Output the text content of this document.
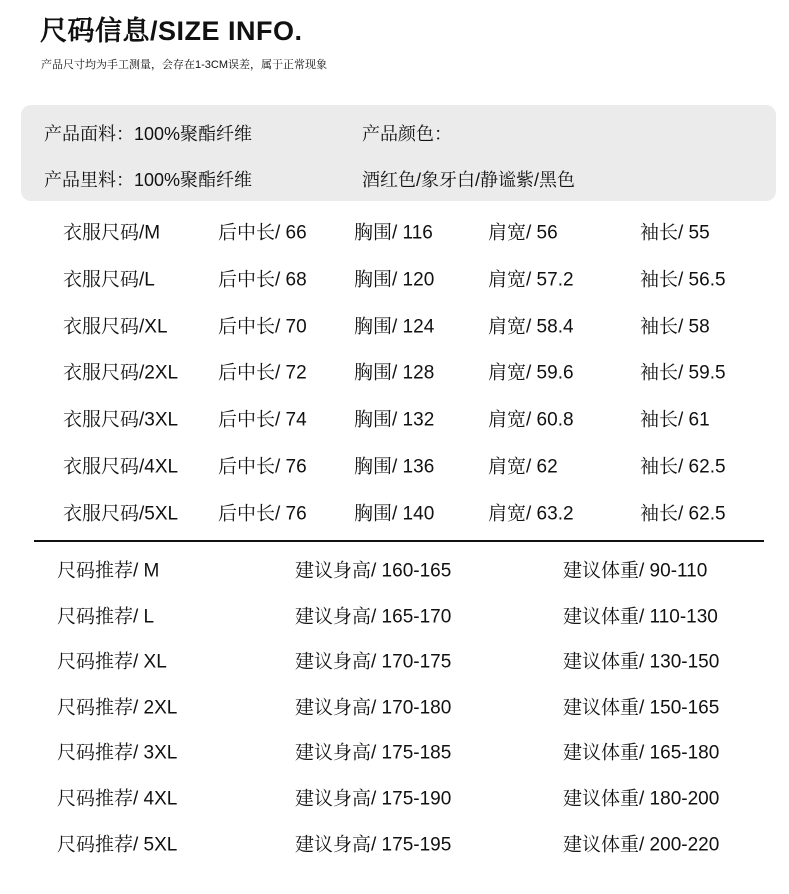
尺码信息/SIZE INFO.
产品尺寸均为手工测量，会存在1-3CM误差，属于正常现象
产品面料：100%聚酯纤维
产品里料：100%聚酯纤维
产品颜色：
酒红色/象牙白/静谧紫/黑色
衣服尺码/M	后中长/ 66 胸围/ 116	肩宽/ 56	袖长/ 55
衣服尺码/L	后中长/ 68 胸围/ 120	肩宽/ 57.2	袖长/ 56.5
衣服尺码/XL	后中长/ 70 胸围/ 124	肩宽/ 58.4	袖长/ 58
衣服尺码/2XL 后中长/ 72 胸围/ 128	肩宽/ 59.6	袖长/ 59.5
衣服尺码/3XL 后中长/ 74 胸围/ 132	肩宽/ 60.8	袖长/ 61
衣服尺码/4XL 后中长/ 76 胸围/ 136	肩宽/ 62	袖长/ 62.5
衣服尺码/5XL 后中长/ 76 胸围/ 140	肩宽/ 63.2	袖长/ 62.5
尺码推荐/ M	建议身高/ 160-165	建议体重/ 90-110
尺码推荐/ L	建议身高/ 165-170	建议体重/ 110-130
尺码推荐/ XL	建议身高/ 170-175	建议体重/ 130-150
尺码推荐/ 2XL	建议身高/ 170-180	建议体重/ 150-165
尺码推荐/ 3XL	建议身高/ 175-185	建议体重/ 165-180
尺码推荐/ 4XL	建议身高/ 175-190	建议体重/ 180-200
尺码推荐/ 5XL	建议身高/ 175-195	建议体重/ 200-220
